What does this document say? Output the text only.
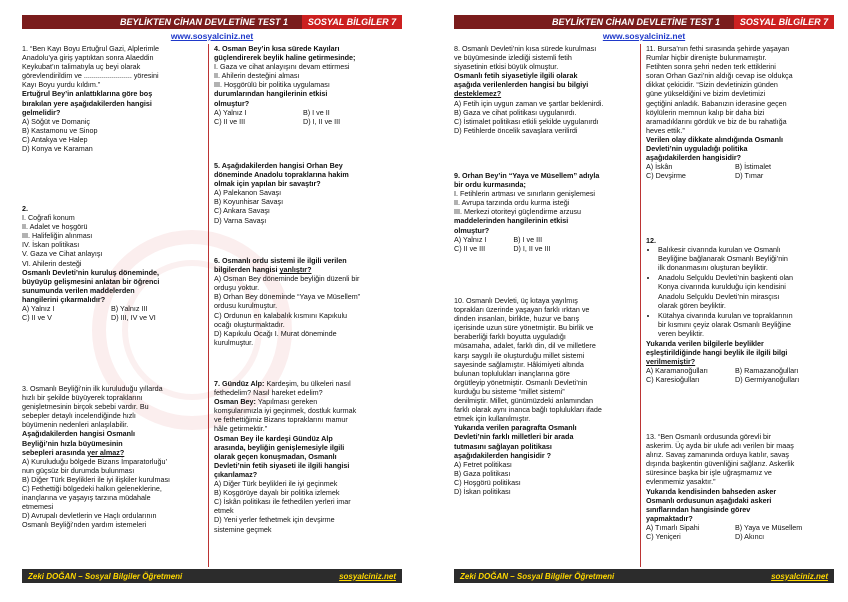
BEYLİKTEN CİHAN DEVLETİNE TEST 1	SOSYAL BİLGİLER 7
www.sosyalciniz.net

1. “Ben Kayı Boyu Ertuğrul Gazi, Alplerimle

Anadolu’ya giriş yaptıktan sonra Alaeddin

Keykubat’ın talimatıyla uç beyi olarak

görevlendirildim ve ........................ yöresini

Kayı Boyu yurdu kıldım.”

Ertuğrul Bey’in anlattıklarına göre boş

bırakılan yere aşağıdakilerden hangisi

gelmelidir?

A) Söğüt ve Domaniç

B) Kastamonu ve Sinop

C) Antakya ve Halep

D) Konya ve Karaman

2.

I. Coğrafi konum

II. Adalet ve hoşgörü

III. Halifeliğin alınması

IV. İskan politikası

V. Gaza ve Cihat anlayışı

VI. Ahilerin desteği

Osmanlı Devleti’nin kuruluş döneminde,

büyüyüp gelişmesini anlatan bir öğrenci

sunumunda verilen maddelerden

hangilerini çıkarmalıdır?

A) Yalnız I	B) Yalnız III
C) II ve V	D) III, IV ve VI

3. Osmanlı Beyliği’nin ilk kuruluduğu yıllarda

hızlı bir şekilde büyüyerek topraklarını

genişletmesinin birçok sebebi vardır. Bu

sebepler detaylı incelendiğinde hızlı

büyümenin nedenleri anlaşılabilir.

Aşağıdakilerden hangisi Osmanlı

Beyliği’nin hızla büyümesinin

sebepleri arasında yer almaz?

A) Kuruluduğu bölgede Bizans İmparatorluğu’

nun güçsüz bir durumda bulunması

B) Diğer Türk Beylikleri ile iyi ilişkiler kurulması

C) Fethettiği bölgedeki halkın geleneklerine,

inançlarına ve yaşayış tarzına müdahale

etmemesi

D) Avrupalı devletlerin ve Haçlı ordularının

Osmanlı Beyliği’nden yardım istemeleri

4. Osman Bey’in kısa sürede Kayıları

güçlendirerek beylik haline getirmesinde;

I. Gaza ve cihat anlayışını devam ettirmesi

II. Ahilerin desteğini alması

III. Hoşgörülü bir politika uygulaması

durumlarından hangilerinin etkisi

olmuştur?

A) Yalnız I	B) I ve II
C) II ve III	D) I, II ve III

5. Aşağıdakilerden hangisi Orhan Bey

döneminde Anadolu topraklarına hakim

olmak için yapılan bir savaştır?

A) Palekanon Savaşı

B) Koyunhisar Savaşı

C) Ankara Savaşı

D) Varna Savaşı

6. Osmanlı ordu sistemi ile ilgili verilen

bilgilerden hangisi yanlıştır?

A) Osman Bey döneminde beyliğin düzenli bir

orduşu yoktur.

B) Orhan Bey döneminde “Yaya ve Müsellem”

ordusu kurulmuştur.

C) Ordunun en kalabalık kısmını Kapıkulu

ocağı oluşturmaktadır.

D) Kapıkulu Ocağı I. Murat döneminde

kurulmuştur.

7. Gündüz Alp: Kardeşim, bu ülkeleri nasıl

fethedelim? Nasıl hareket edelim?

Osman Bey: Yapılması gereken

komşularımızla iyi geçinmek, dostluk kurmak

ve fethettiğimiz Bizans topraklarını mamur

hâle getirmektir.”

Osman Bey ile kardeşi Gündüz Alp

arasında, beyliğin genişlemesiyle ilgili

olarak geçen konuşmadan, Osmanlı

Devleti’nin fetih siyaseti ile ilgili hangisi

çıkarılamaz?

A) Diğer Türk beylikleri ile iyi geçinmek

B) Koşgörüye dayalı bir politika izlemek

C) İskân politikası ile fethedilen yerleri imar

etmek

D) Yeni yerler fethetmek için devşirme

sistemine geçmek

Zeki DOĞAN – Sosyal Bilgiler Öğretmeni	sosyalciniz.net
BEYLİKTEN CİHAN DEVLETİNE TEST 1	SOSYAL BİLGİLER 7
www.sosyalciniz.net

8. Osmanlı Devleti’nin kısa sürede kurulması

ve büyümesinde izlediği sistemli fetih

siyasetinin etkisi büyük olmuştur.

Osmanlı fetih siyasetiyle ilgili olarak

aşağıda verilenlerden hangisi bu bilgiyi

desteklemez?

A) Fetih için uygun zaman ve şartlar beklenirdi.

B) Gaza ve cihat politikası uygulanırdı.

C) İstimalet politikası etkili şekilde uygulanırdı

D) Fetihlerde öncelik savaşlara verilirdi

9. Orhan Bey’in “Yaya ve Müsellem” adıyla

bir ordu kurmasında;

I. Fetihlerin artması ve sınırların genişlemesi

II. Avrupa tarzında ordu kurma isteği

III. Merkezi otoriteyi güçlendirme arzusu

maddelerinden hangilerinin etkisi

olmuştur?

A) Yalnız I	B) I ve III
C) II ve III	D) I, II ve III

10. Osmanlı Devleti, üç kıtaya yayılmış

toprakları üzerinde yaşayan farklı ırktan ve

dinden insanları, birlikte, huzur ve barış

içerisinde uzun süre yönetmiştir. Bu birlik ve

beraberliği farklı boyutta uyguladığı

müsamaha, adalet, farklı din, dil ve milletlere

karşı saygılı ile oluşturduğu millet sistemi

sayesinde sağlamıştır. Hâkimiyeti altında

bulunan toplulukları inançlarına göre

örgütleyip yönetmiştir. Osmanlı Devleti’nin

kurduğu bu sisteme “millet sistemi”

denilmiştir. Millet, günümüzdeki anlamından

farklı olarak aynı inanca bağlı toplulukları ifade

etmek için kullanılmıştır.

Yukarıda verilen paragrafta Osmanlı

Devleti’nin farklı milletleri bir arada

tutmasını sağlayan politikası

aşağıdakilerden hangisidir ?

A) Fetret politikası

B) Gaza politikası

C) Hoşgörü politikası

D) İskan politikası

11. Bursa’nın fethi sırasında şehirde yaşayan

Rumlar hiçbir direnişte bulunmamıştır.

Fetihten sonra şehri neden terk ettiklerini

soran Orhan Gazi’nin aldığı cevap ise oldukça

dikkat çekicidir. “Sizin devletinizin günden

güne yükseldiğini ve bizim devletimizi

geçtiğini anladık. Babanızın iderasine geçen

köylülerin memnun kalıp bir daha bizi

aramadıklarını gördük ve biz de bu rahatlığa

heves ettik.”

Verilen olay dikkate alındığında Osmanlı

Devleti’nin uyguladığı politika

aşağıdakilerden hangisidir?

A) İskân	B) İstimalet
C) Devşirme	D) Tımar

12.

• Balıkesir civarında kurulan ve Osmanlı
Beyliğine bağlanarak Osmanlı Beyliği’nin
ilk donanmasını oluşturan beyliktir.
• Anadolu Selçuklu Devleti’nin başkenti olan
Konya civarında kurulduğu için kendisini
Anadolu Selçuklu Devleti’nin mirasçısı
olarak gören beyliktir.
• Kütahya civarında kurulan ve topraklarının
bir kısmını çeyiz olarak Osmanlı Beyliğine
veren beyliktir.

Yukarıda verilen bilgilerle beylikler

eşleştirildiğinde hangi beylik ile ilgili bilgi

verilmemiştir?

A) Karamanoğulları	B) Ramazanoğulları
C) Karesioğulları	D) Germiyanoğulları

13. “Ben Osmanlı ordusunda görevli bir

askerim. Üç ayda bir ulufe adı verilen bir maaş

alırız. Savaş zamanında orduya katılır, savaş

dışında başkentin güvenliğini sağlarız. Askerlik

süresince başka bir işle uğraşmamız ve

evlenmemiz yasaktır.”

Yukarıda kendisinden bahseden asker

Osmanlı ordusunun aşağıdaki askeri

sınıflarından hangisinde görev

yapmaktadır?

A) Tımarlı Sipahi	B) Yaya ve Müsellem
C) Yeniçeri	D) Akıncı
Zeki DOĞAN – Sosyal Bilgiler Öğretmeni	sosyalciniz.net
